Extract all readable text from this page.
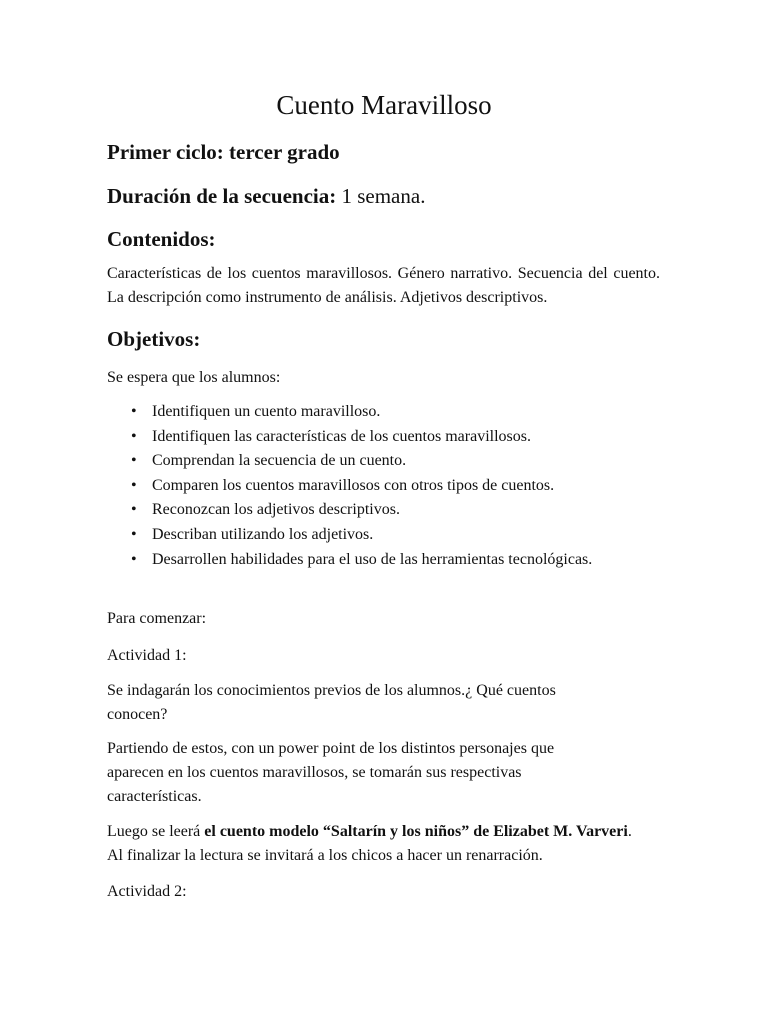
Cuento Maravilloso

Primer ciclo: tercer grado

Duración de la secuencia: 1 semana.

Contenidos:

Características de los cuentos maravillosos. Género narrativo. Secuencia del cuento. La descripción como instrumento de análisis. Adjetivos descriptivos.

Objetivos:

Se espera que los alumnos:

• Identifiquen un cuento maravilloso.
• Identifiquen las características de los cuentos maravillosos.
• Comprendan la secuencia de un cuento.
• Comparen los cuentos maravillosos con otros tipos de cuentos.
• Reconozcan los adjetivos descriptivos.
• Describan utilizando los adjetivos.
• Desarrollen habilidades para el uso de las herramientas tecnológicas.

Para comenzar:

Actividad 1:

Se indagarán los conocimientos previos de los alumnos.¿ Qué cuentos conocen?

Partiendo de estos, con un power point de los distintos personajes que aparecen en los cuentos maravillosos, se tomarán sus respectivas características.

Luego se leerá el cuento modelo “Saltarín y los niños” de Elizabet M. Varveri.
Al finalizar la lectura se invitará a los chicos a hacer un renarración.

Actividad 2:
